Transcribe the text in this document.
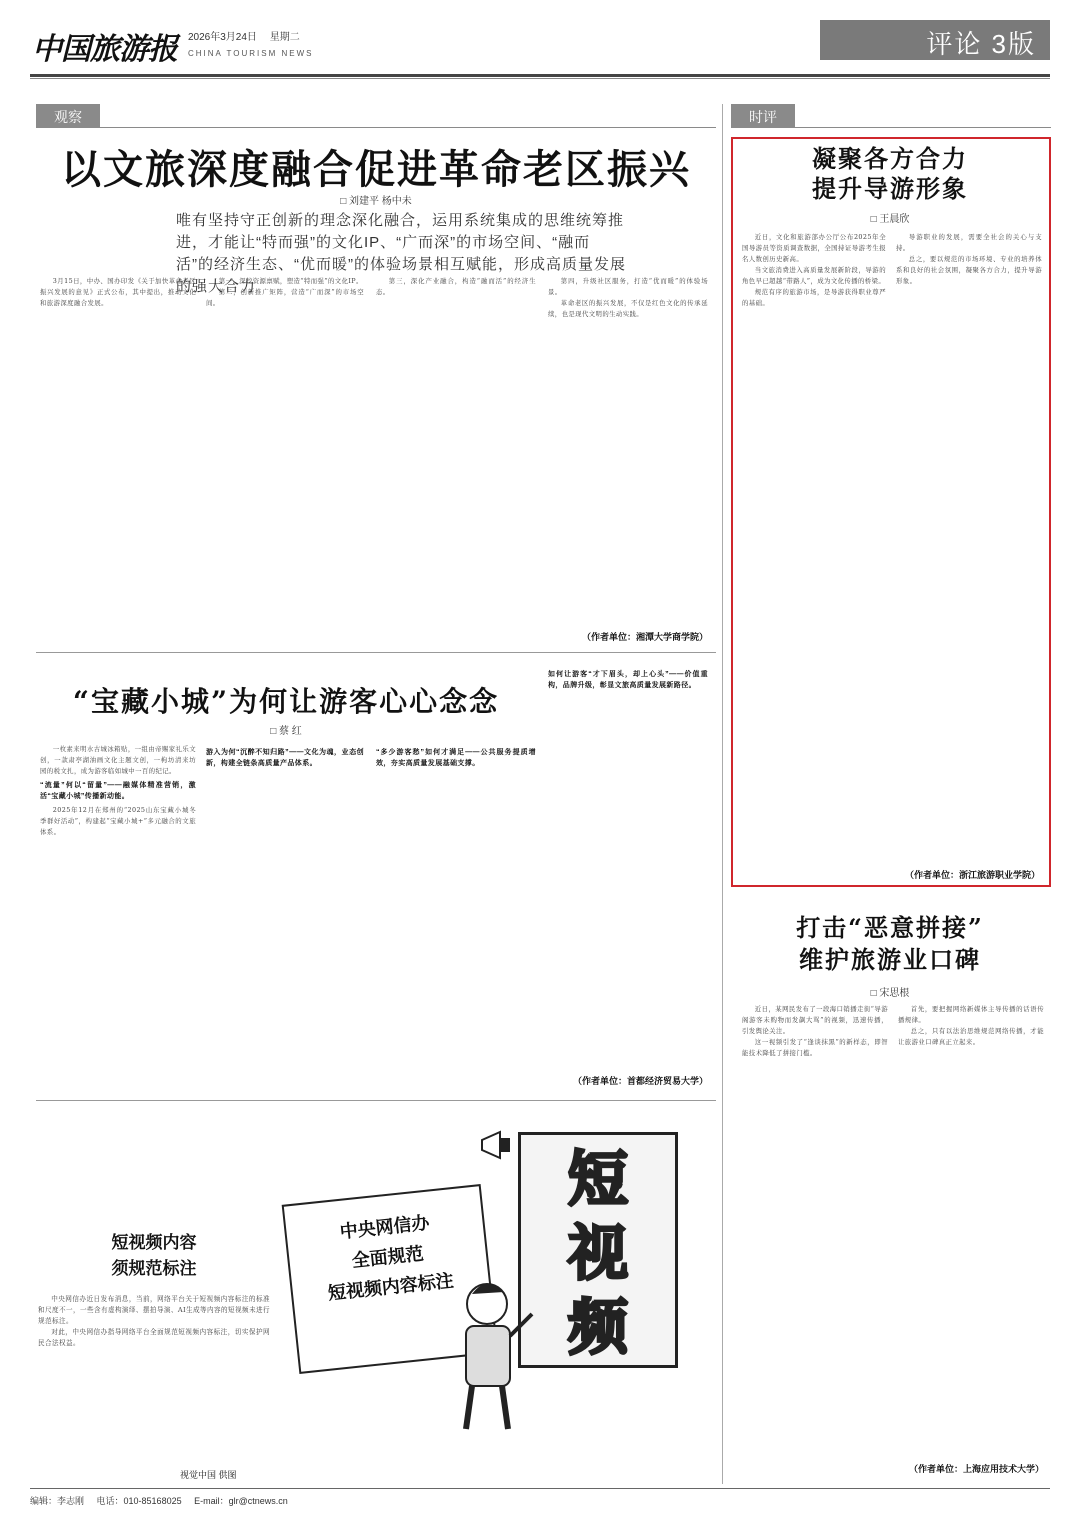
中国旅游报 2026年3月24日 星期二
CHINA TOURISM NEWS	评论 3版
观察
以文旅深度融合促进革命老区振兴
□ 刘建平 杨中未
唯有坚持守正创新的理念深化融合，运用系统集成的思维统筹推进，才能让“特而强”的文化IP、“广而深”的市场空间、“融而活”的经济生态、“优而暖”的体验场景相互赋能，形成高质量发展的强大合力

3月15日，中办、国办印发《关于加快革命老区振兴发展的意见》正式公布，其中提出，推动文化和旅游深度融合发展。

第一，深挖资源禀赋，塑造“特而强”的文化IP。

第二，创新推广矩阵，营造“广而深”的市场空间。

第三，深化产业融合，构造“融而活”的经济生态。

第四，升级社区服务，打造“优而暖”的体验场景。

革命老区的振兴发展，不仅是红色文化的传承延续，也是现代文明的生动实践。

（作者单位：湘潭大学商学院）
“宝藏小城”为何让游客心心念念
□ 蔡 红

一枚素来明水古城冰箱贴，一组由帝赐家礼乐文创，一款肃亭湖油画文化主题文创，一枸坊清来坊园的税文扎，成为游客临如城中一百的纪记。

“流量”何以“留量”——融媒体精准营销，激活“宝藏小城”传播新动能。

2025年12月在郑州的“2025山东宝藏小城冬季群好活动”，构建起“宝藏小城+”多元融合的文旅体系。

游入为何“沉醉不知归路”——文化为魂，业态创新，构建全链条高质量产品体系。
“多少游客愁”如何才满足——公共服务提质增效，夯实高质量发展基础支撑。
如何让游客“才下眉头，却上心头”——价值重构，品牌升级，彰显文旅高质量发展新路径。
（作者单位：首都经济贸易大学）
时评
凝聚各方合力
提升导游形象
□ 王晨欣

近日，文化和旅游部办公厅公布2025年全国导游员等资质调查数据，全国持证导游考生报名人数创历史新高。

当文旅消费进入高质量发展新阶段，导游的角色早已超越“带路人”，成为文化传播的桥梁。

规范有序的旅游市场，是导游获得职业尊严的基础。

导游职业的发展，需要全社会的关心与支持。

总之，要以规范的市场环境、专业的培养体系和良好的社会氛围，凝聚各方合力，提升导游形象。

（作者单位：浙江旅游职业学院）
打击“恶意拼接”
维护旅游业口碑
□ 宋思根

近日，某网民发布了一段海口销播走街“导游阁游客未购物而发飙大骂”的视频，迅速传播，引发舆论关注。

这一视频引发了“逢谈抹黑”的新样态，即智能技术降低了拼接门槛。

首先，要把握网络新媒体主导传播的话语传播规律。

总之，只有以法治思维规范网络传播，才能让旅游业口碑真正立起来。

（作者单位：上海应用技术大学）
短视频内容
须规范标注

中央网信办近日发布消息，当前，网络平台关于短视频内容标注的标准和尺度不一，一些含有虚构演绎、摆拍导演、AI生成等内容的短视频未进行规范标注。

对此，中央网信办指导网络平台全面规范短视频内容标注，切实保护网民合法权益。

视觉中国 供图
短
视
频
中央网信办
全面规范
短视频内容标注
编辑：李志刚 电话：010-85168025 E-mail：glr@ctnews.cn
